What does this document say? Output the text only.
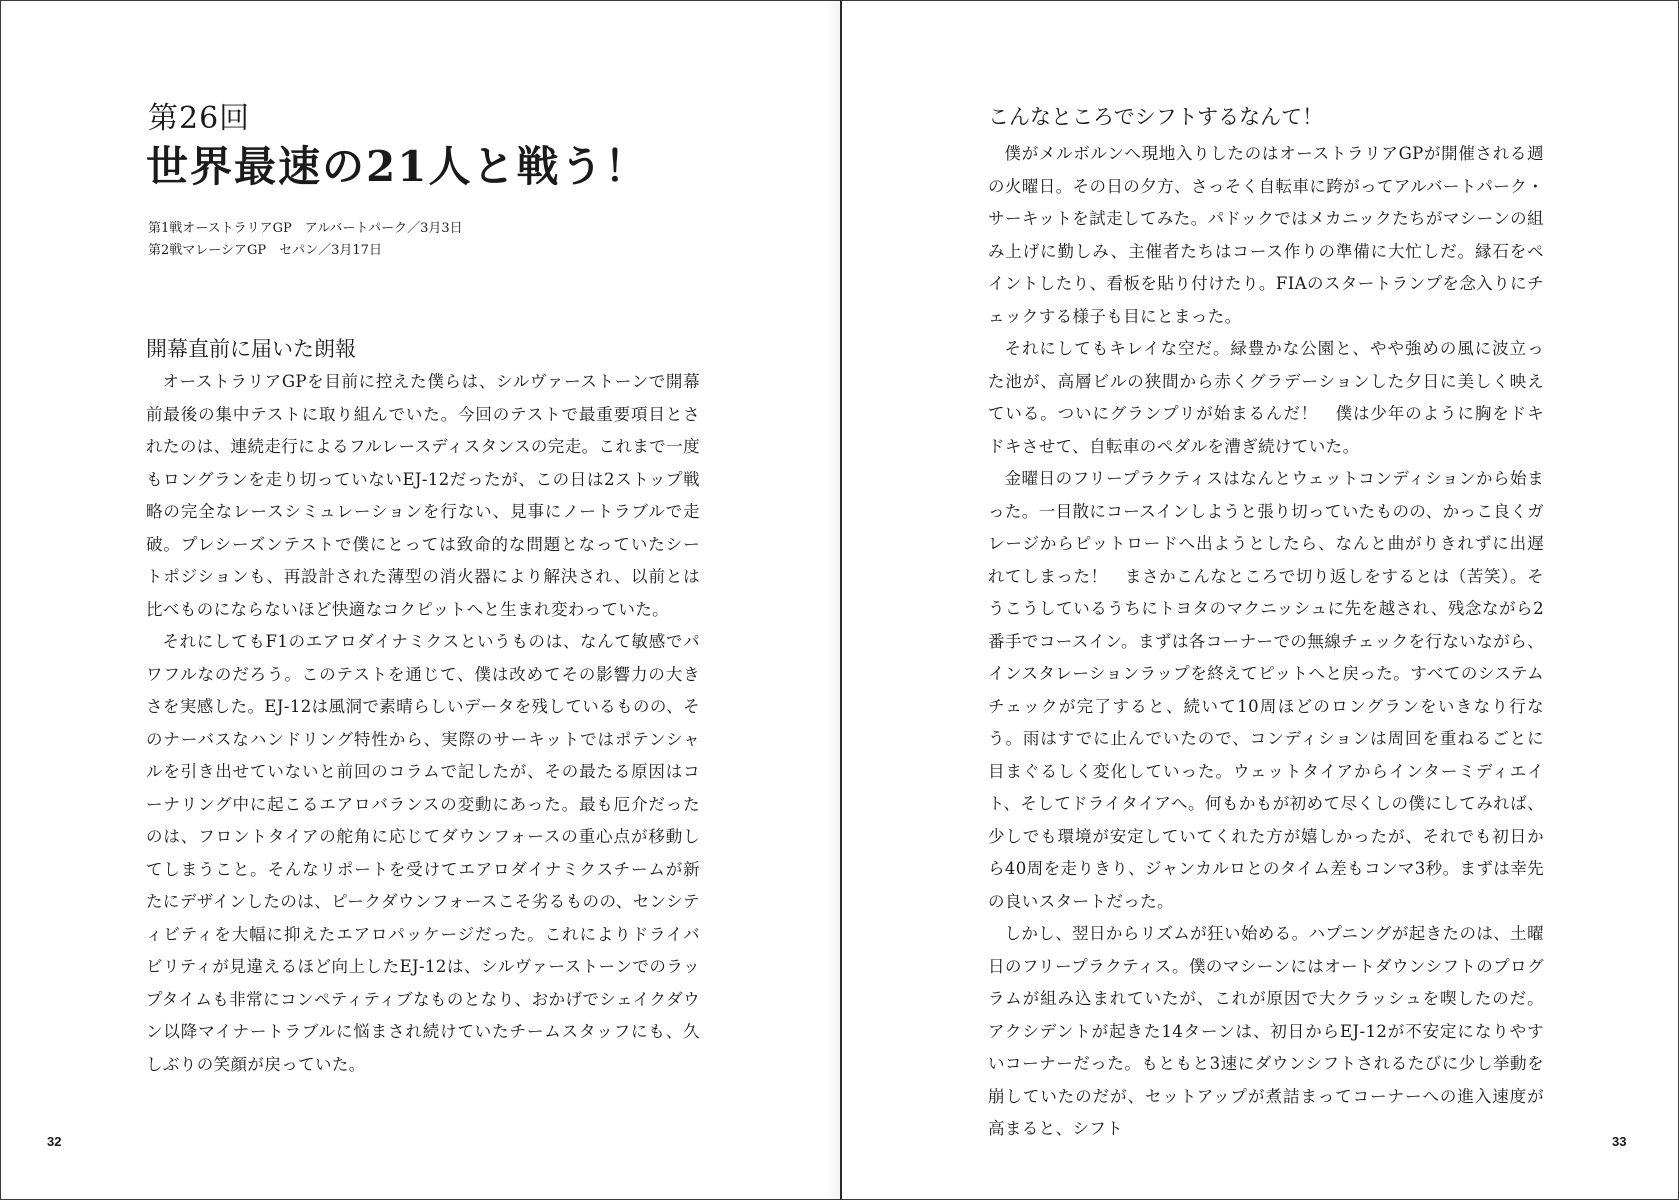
第26回
世界最速の21人と戦う！
第1戦オーストラリアGP　アルバートパーク／3月3日
第2戦マレーシアGP　セパン／3月17日
開幕直前に届いた朗報

オーストラリアGPを目前に控えた僕らは、シルヴァーストーンで開幕前最後の集中テストに取り組んでいた。今回のテストで最重要項目とされたのは、連続走行によるフルレースディスタンスの完走。これまで一度もロングランを走り切っていないEJ-12だったが、この日は2ストップ戦略の完全なレースシミュレーションを行ない、見事にノートラブルで走破。プレシーズンテストで僕にとっては致命的な問題となっていたシートポジションも、再設計された薄型の消火器により解決され、以前とは比べものにならないほど快適なコクピットへと生まれ変わっていた。

それにしてもF1のエアロダイナミクスというものは、なんて敏感でパワフルなのだろう。このテストを通じて、僕は改めてその影響力の大きさを実感した。EJ-12は風洞で素晴らしいデータを残しているものの、そのナーバスなハンドリング特性から、実際のサーキットではポテンシャルを引き出せていないと前回のコラムで記したが、その最たる原因はコーナリング中に起こるエアロバランスの変動にあった。最も厄介だったのは、フロントタイアの舵角に応じてダウンフォースの重心点が移動してしまうこと。そんなリポートを受けてエアロダイナミクスチームが新たにデザインしたのは、ピークダウンフォースこそ劣るものの、センシティビティを大幅に抑えたエアロパッケージだった。これによりドライバビリティが見違えるほど向上したEJ-12は、シルヴァーストーンでのラップタイムも非常にコンペティティブなものとなり、おかげでシェイクダウン以降マイナートラブルに悩まされ続けていたチームスタッフにも、久しぶりの笑顔が戻っていた。

32
こんなところでシフトするなんて！

僕がメルボルンへ現地入りしたのはオーストラリアGPが開催される週の火曜日。その日の夕方、さっそく自転車に跨がってアルバートパーク・サーキットを試走してみた。パドックではメカニックたちがマシーンの組み上げに勤しみ、主催者たちはコース作りの準備に大忙しだ。縁石をペイントしたり、看板を貼り付けたり。FIAのスタートランプを念入りにチェックする様子も目にとまった。

それにしてもキレイな空だ。緑豊かな公園と、やや強めの風に波立った池が、高層ビルの狭間から赤くグラデーションした夕日に美しく映えている。ついにグランプリが始まるんだ！　僕は少年のように胸をドキドキさせて、自転車のペダルを漕ぎ続けていた。

金曜日のフリープラクティスはなんとウェットコンディションから始まった。一目散にコースインしようと張り切っていたものの、かっこ良くガレージからピットロードへ出ようとしたら、なんと曲がりきれずに出遅れてしまった！　まさかこんなところで切り返しをするとは（苦笑）。そうこうしているうちにトヨタのマクニッシュに先を越され、残念ながら2番手でコースイン。まずは各コーナーでの無線チェックを行ないながら、インスタレーションラップを終えてピットへと戻った。すべてのシステムチェックが完了すると、続いて10周ほどのロングランをいきなり行なう。雨はすでに止んでいたので、コンディションは周回を重ねるごとに目まぐるしく変化していった。ウェットタイアからインターミディエイト、そしてドライタイアへ。何もかもが初めて尽くしの僕にしてみれば、少しでも環境が安定していてくれた方が嬉しかったが、それでも初日から40周を走りきり、ジャンカルロとのタイム差もコンマ3秒。まずは幸先の良いスタートだった。

しかし、翌日からリズムが狂い始める。ハプニングが起きたのは、土曜日のフリープラクティス。僕のマシーンにはオートダウンシフトのプログラムが組み込まれていたが、これが原因で大クラッシュを喫したのだ。アクシデントが起きた14ターンは、初日からEJ-12が不安定になりやすいコーナーだった。もともと3速にダウンシフトされるたびに少し挙動を崩していたのだが、セットアップが煮詰まってコーナーへの進入速度が高まると、シフト

33
